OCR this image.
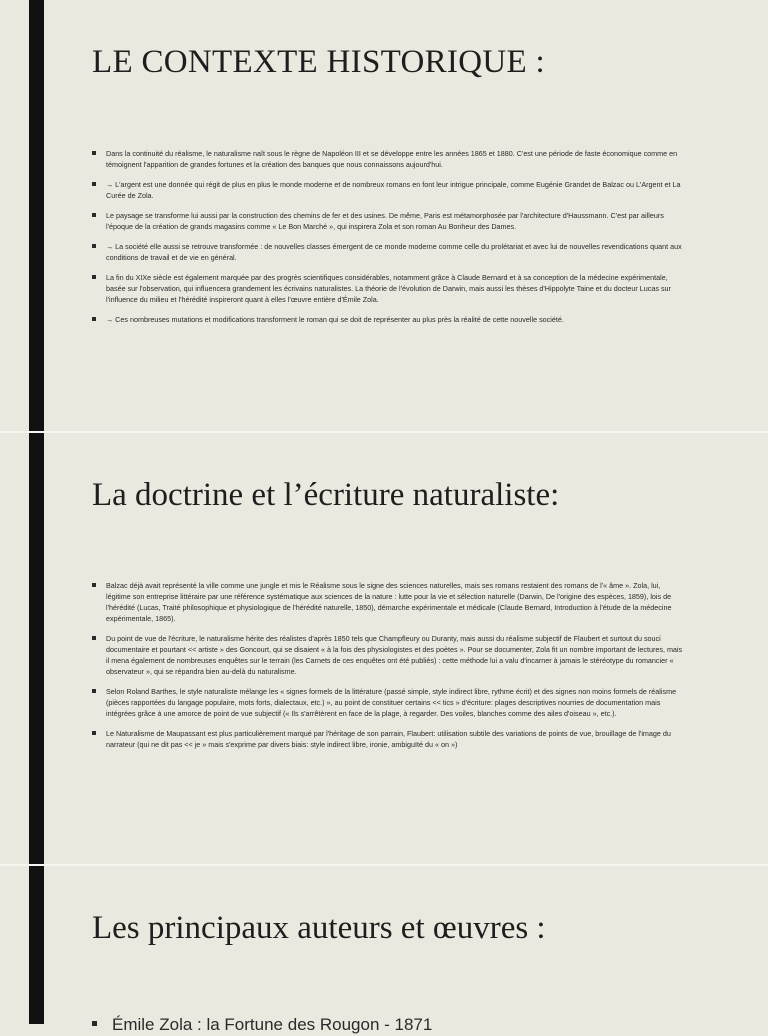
LE CONTEXTE HISTORIQUE :
Dans la continuité du réalisme, le naturalisme naît sous le règne de Napoléon III et se développe entre les années 1865 et 1880. C'est une période de faste économique comme en témoignent l'apparition de grandes fortunes et la création des banques que nous connaissons aujourd'hui.
→ L'argent est une donnée qui régit de plus en plus le monde moderne et de nombreux romans en font leur intrigue principale, comme Eugénie Grandet de Balzac ou L'Argent et La Curée de Zola.
Le paysage se transforme lui aussi par la construction des chemins de fer et des usines. De même, Paris est métamorphosée par l'architecture d'Haussmann. C'est par ailleurs l'époque de la création de grands magasins comme « Le Bon Marché », qui inspirera Zola et son roman Au Bonheur des Dames.
→ La société elle aussi se retrouve transformée : de nouvelles classes émergent de ce monde moderne comme celle du prolétariat et avec lui de nouvelles revendications quant aux conditions de travail et de vie en général.
La fin du XIXe siècle est également marquée par des progrès scientifiques considérables, notamment grâce à Claude Bernard et à sa conception de la médecine expérimentale, basée sur l'observation, qui influencera grandement les écrivains naturalistes. La théorie de l'évolution de Darwin, mais aussi les thèses d'Hippolyte Taine et du docteur Lucas sur l'influence du milieu et l'hérédité inspireront quant à elles l'œuvre entière d'Émile Zola.
→ Ces nombreuses mutations et modifications transforment le roman qui se doit de représenter au plus près la réalité de cette nouvelle société.
La doctrine et l’écriture naturaliste:
Balzac déjà avait représenté la ville comme une jungle et mis le Réalisme sous le signe des sciences naturelles, mais ses romans restaient des romans de l'« âme ». Zola, lui, légitime son entreprise littéraire par une référence systématique aux sciences de la nature : lutte pour la vie et sélection naturelle (Darwin, De l'origine des espèces, 1859), lois de l'hérédité (Lucas, Traité philosophique et physiologique de l'hérédité naturelle, 1850), démarche expérimentale et médicale (Claude Bernard, Introduction à l'étude de la médecine expérimentale, 1865).
Du point de vue de l'écriture, le naturalisme hérite des réalistes d'après 1850 tels que Champfleury ou Duranty, mais aussi du réalisme subjectif de Flaubert et surtout du souci documentaire et pourtant << artiste » des Goncourt, qui se disaient « à la fois des physiologistes et des poètes ». Pour se documenter, Zola fit un nombre important de lectures, mais il mena également de nombreuses enquêtes sur le terrain (les Carnets de ces enquêtes ont été publiés) : cette méthode lui a valu d'incarner à jamais le stéréotype du romancier « observateur », qui se répandra bien au-delà du naturalisme.
Selon Roland Barthes, le style naturaliste mélange les « signes formels de la littérature (passé simple, style indirect libre, rythme écrit) et des signes non moins formels de réalisme (pièces rapportées du langage populaire, mots forts, dialectaux, etc.) », au point de constituer certains << tics » d'écriture: plages descriptives nourries de documentation mais intégrées grâce à une amorce de point de vue subjectif (« Ils s'arrêtèrent en face de la plage, à regarder. Des voiles, blanches comme des ailes d'oiseau », etc.).
Le Naturalisme de Maupassant est plus particulièrement marqué par l'héritage de son parrain, Flaubert: utilisation subtile des variations de points de vue, brouillage de l'image du narrateur (qui ne dit pas << je » mais s'exprime par divers biais: style indirect libre, ironie, ambiguïté du « on »)
Les principaux auteurs et œuvres :
Émile Zola : la Fortune des Rougon - 1871
